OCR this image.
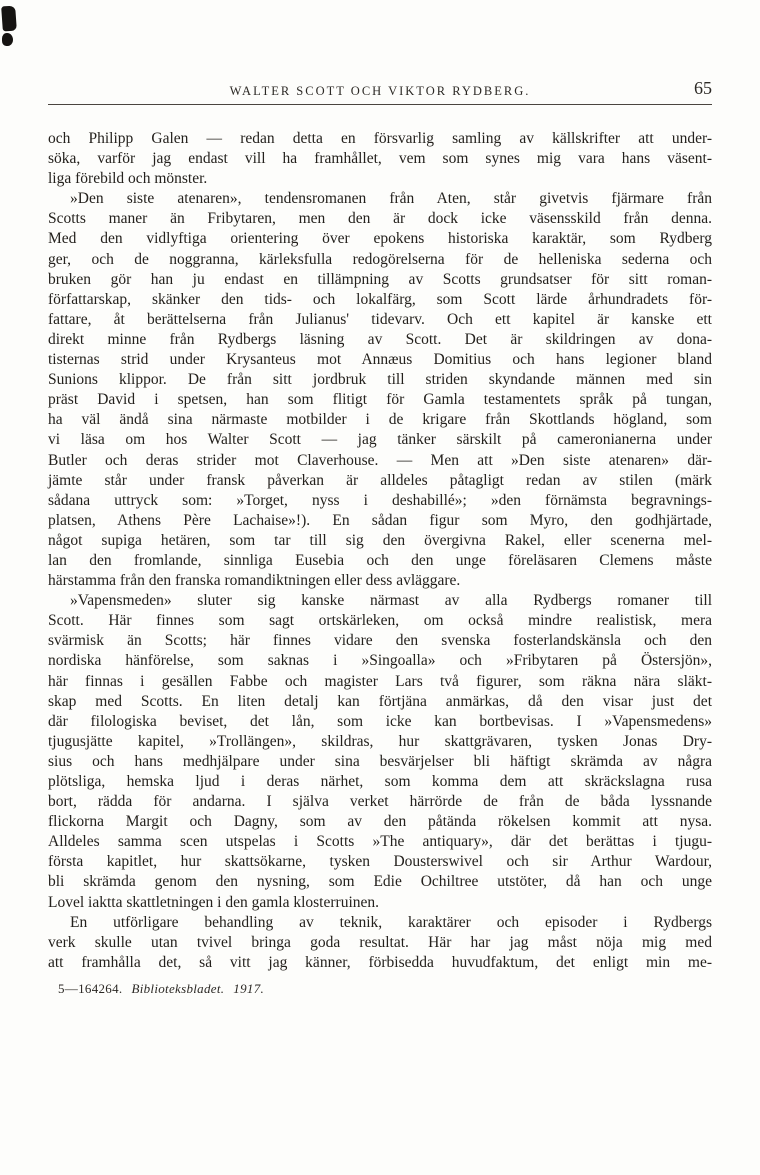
WALTER SCOTT OCH VIKTOR RYDBERG.	65
och Philipp Galen — redan detta en försvarlig samling av källskrifter att under-
söka, varför jag endast vill ha framhållet, vem som synes mig vara hans väsent-
liga förebild och mönster.
»Den siste atenaren», tendensromanen från Aten, står givetvis fjärmare från
Scotts maner än Fribytaren, men den är dock icke väsensskild från denna.
Med den vidlyftiga orientering över epokens historiska karaktär, som Rydberg
ger, och de noggranna, kärleksfulla redogörelserna för de helleniska sederna och
bruken gör han ju endast en tillämpning av Scotts grundsatser för sitt roman-
författarskap, skänker den tids- och lokalfärg, som Scott lärde århundradets för-
fattare, åt berättelserna från Julianus' tidevarv. Och ett kapitel är kanske ett
direkt minne från Rydbergs läsning av Scott. Det är skildringen av dona-
tisternas strid under Krysanteus mot Annæus Domitius och hans legioner bland
Sunions klippor. De från sitt jordbruk till striden skyndande männen med sin
präst David i spetsen, han som flitigt för Gamla testamentets språk på tungan,
ha väl ändå sina närmaste motbilder i de krigare från Skottlands högland, som
vi läsa om hos Walter Scott — jag tänker särskilt på cameronianerna under
Butler och deras strider mot Claverhouse. — Men att »Den siste atenaren» där-
jämte står under fransk påverkan är alldeles påtagligt redan av stilen (märk
sådana uttryck som: »Torget, nyss i deshabillé»; »den förnämsta begravnings-
platsen, Athens Père Lachaise»!). En sådan figur som Myro, den godhjärtade,
något supiga hetären, som tar till sig den övergivna Rakel, eller scenerna mel-
lan den fromlande, sinnliga Eusebia och den unge föreläsaren Clemens måste
härstamma från den franska romandiktningen eller dess avläggare.
»Vapensmeden» sluter sig kanske närmast av alla Rydbergs romaner till
Scott. Här finnes som sagt ortskärleken, om också mindre realistisk, mera
svärmisk än Scotts; här finnes vidare den svenska fosterlandskänsla och den
nordiska hänförelse, som saknas i »Singoalla» och »Fribytaren på Östersjön»,
här finnas i gesällen Fabbe och magister Lars två figurer, som räkna nära släkt-
skap med Scotts. En liten detalj kan förtjäna anmärkas, då den visar just det
där filologiska beviset, det lån, som icke kan bortbevisas. I »Vapensmedens»
tjugusjätte kapitel, »Trollängen», skildras, hur skattgrävaren, tysken Jonas Dry-
sius och hans medhjälpare under sina besvärjelser bli häftigt skrämda av några
plötsliga, hemska ljud i deras närhet, som komma dem att skräckslagna rusa
bort, rädda för andarna. I själva verket härrörde de från de båda lyssnande
flickorna Margit och Dagny, som av den påtända rökelsen kommit att nysa.
Alldeles samma scen utspelas i Scotts »The antiquary», där det berättas i tjugu-
första kapitlet, hur skattsökarne, tysken Dousterswivel och sir Arthur Wardour,
bli skrämda genom den nysning, som Edie Ochiltree utstöter, då han och unge
Lovel iaktta skattletningen i den gamla klosterruinen.
En utförligare behandling av teknik, karaktärer och episoder i Rydbergs
verk skulle utan tvivel bringa goda resultat. Här har jag måst nöja mig med
att framhålla det, så vitt jag känner, förbisedda huvudfaktum, det enligt min me-
5—164264. Biblioteksbladet. 1917.
